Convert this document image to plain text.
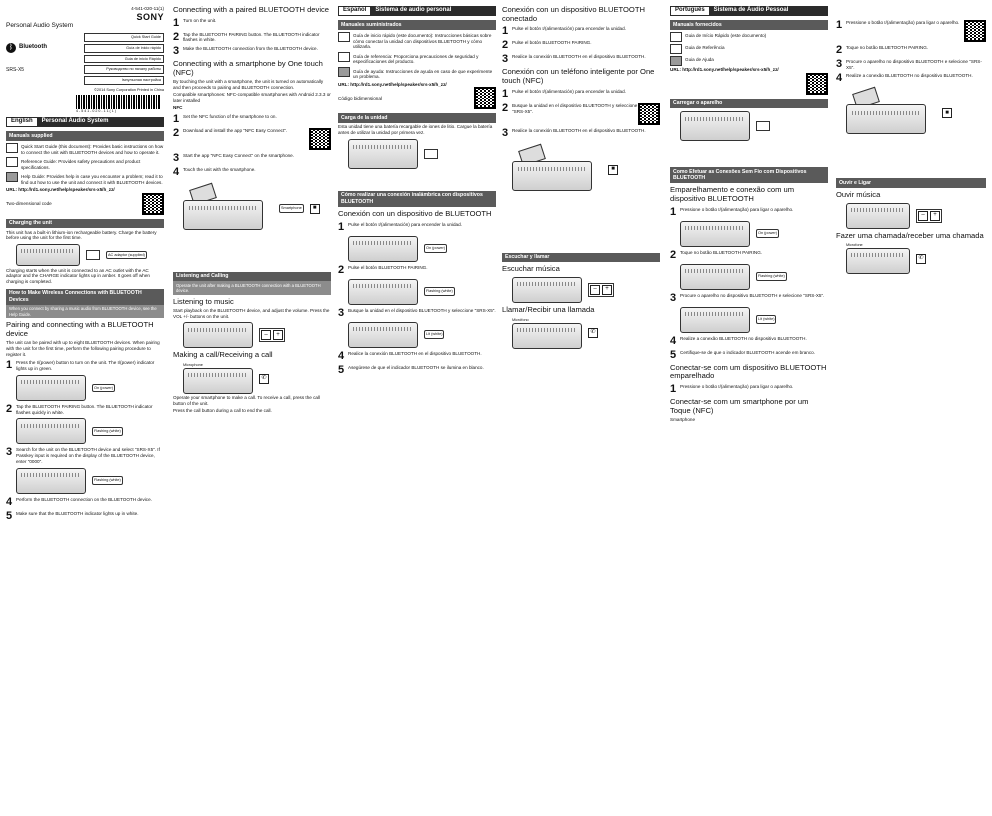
Personal Audio System
4-541-020-11(1)
SONY
ᛒ Bluetooth
SRS-X5
Quick Start Guide
Guía de inicio rápido
Guia de início Rápido
Руководство по началу работы
Iмпульсная настройка
©2014 Sony Corporation Printed in China
4 - 5 4 1 - 0 2 0 - 1 1 ( 1 )
English	Personal Audio System
Manuals supplied

Quick Start Guide (this document): Provides basic instructions on how to connect the unit with BLUETOOTH devices and how to operate it.

Reference Guide: Provides safety precautions and product specifications.

Help Guide: Provides help in case you encounter a problem; read it to find out how to use the unit and connect it with BLUETOOTH devices.

URL: http://rd1.sony.net/help/speaker/srs-x5/h_zz/

Two-dimensional code
Charging the unit

This unit has a built-in lithium-ion rechargeable battery. Charge the battery before using the unit for the first time.

AC adaptor (supplied)

Charging starts when the unit is connected to an AC outlet with the AC adaptor and the CHARGE indicator lights up in amber. It goes off when charging is completed.

How to Make Wireless Connections with BLUETOOTH Devices
When you connect by sharing a music audio from BLUETOOTH device, see the Help Guide.
Pairing and connecting with a BLUETOOTH device

The unit can be paired with up to eight BLUETOOTH devices. When pairing with the unit for the first time, perform the following pairing procedure to register it.

1 Press the I/(power) button to turn on the unit. The I/(power) indicator lights up in green.
On (power)
2 Tap the BLUETOOTH PAIRING button. The BLUETOOTH indicator flashes quickly in white.
Flashing (white)
3 Search for the unit on the BLUETOOTH device and select "SRS-X5". If Passkey input is required on the display of the BLUETOOTH device, enter "0000".
Flashing (white)
4 Perform the BLUETOOTH connection on the BLUETOOTH device.
5 Make sure that the BLUETOOTH indicator lights up in white.
Connecting with a paired BLUETOOTH device
1 Turn on the unit.
2 Tap the BLUETOOTH PAIRING button. The BLUETOOTH indicator flashes in white.
3 Make the BLUETOOTH connection from the BLUETOOTH device.
Connecting with a smartphone by One touch (NFC)

By touching the unit with a smartphone, the unit is turned on automatically and then proceeds to pairing and BLUETOOTH connection.

Compatible smartphones: NFC-compatible smartphones with Android 2.3.3 or later installed

NFC

1 Set the NFC function of the smartphone to on.
2 Download and install the app "NFC Easy Connect".
3 Start the app "NFC Easy Connect" on the smartphone.
4 Touch the unit with the smartphone.
Smartphone	■
Listening and Calling
Operate the unit after making a BLUETOOTH connection with a BLUETOOTH device.
Listening to music

Start playback on the BLUETOOTH device, and adjust the volume. Press the VOL +/- buttons on the unit.

–	+
Making a call/Receiving a call
Microphone
✆

Operate your smartphone to make a call. To receive a call, press the call button of the unit.

Press the call button during a call to end the call.

Español	Sistema de audio personal
Manuales suministrados

Guía de inicio rápido (este documento): Instrucciones básicas sobre cómo conectar la unidad con dispositivos BLUETOOTH y cómo utilizarla.

Guía de referencia: Proporciona precauciones de seguridad y especificaciones del producto.

Guía de ayuda: Instrucciones de ayuda en caso de que experimente un problema.

URL: http://rd1.sony.net/help/speaker/srs-x5/h_zz/

Código bidimensional
Carga de la unidad

Esta unidad tiene una batería recargable de iones de litio. Cargue la batería antes de utilizar la unidad por primera vez.

Cómo realizar una conexión inalámbrica con dispositivos BLUETOOTH
Conexión con un dispositivo de BLUETOOTH
1 Pulse el botón I/(alimentación) para encender la unidad.
On (power)
2 Pulse el botón BLUETOOTH PAIRING.
Flashing (white)
3 Busque la unidad en el dispositivo BLUETOOTH y seleccione "SRS-X5".
Lit (white)
4 Realice la conexión BLUETOOTH en el dispositivo BLUETOOTH.
5 Asegúrese de que el indicador BLUETOOTH se ilumina en blanco.
Conexión con un dispositivo BLUETOOTH conectado
1 Pulse el botón I/(alimentación) para encender la unidad.
2 Pulse el botón BLUETOOTH PAIRING.
3 Realice la conexión BLUETOOTH en el dispositivo BLUETOOTH.
Conexión con un teléfono inteligente por One touch (NFC)
1 Pulse el botón I/(alimentación) para encender la unidad.
2 Busque la unidad en el dispositivo BLUETOOTH y seleccione "SRS-X5".
3 Realice la conexión BLUETOOTH en el dispositivo BLUETOOTH.
■
Escuchar y llamar
Escuchar música
–	+
Llamar/Recibir una llamada
Micrófono
✆
Português	Sistema de Áudio Pessoal
Manuais fornecidos

Guia de Início Rápido (este documento)

Guia de Referência

Guia de Ajuda

URL: http://rd1.sony.net/help/speaker/srs-x5/h_zz/

Carregar o aparelho
Como Efetuar as Conexões Sem Fio com Dispositivos BLUETOOTH
Emparelhamento e conexão com um dispositivo BLUETOOTH
1 Pressione o botão I/(alimentação) para ligar o aparelho.
On (power)
2 Toque no botão BLUETOOTH PAIRING.
Flashing (white)
3 Procure o aparelho no dispositivo BLUETOOTH e selecione "SRS-X5".
Lit (white)
4 Realize a conexão BLUETOOTH no dispositivo BLUETOOTH.
5 Certifique-se de que o indicador BLUETOOTH acende em branco.
Conectar-se com um dispositivo BLUETOOTH emparelhado
1 Pressione o botão I/(alimentação) para ligar o aparelho.
Conectar-se com um smartphone por um Toque (NFC)

Smartphone

1 Pressione o botão I/(alimentação) para ligar o aparelho.
2 Toque no botão BLUETOOTH PAIRING.
3 Procure o aparelho no dispositivo BLUETOOTH e selecione "SRS-X5".
4 Realize a conexão BLUETOOTH no dispositivo BLUETOOTH.
■
Ouvir e Ligar
Ouvir música
–	+
Fazer uma chamada/receber uma chamada
Microfone
✆
